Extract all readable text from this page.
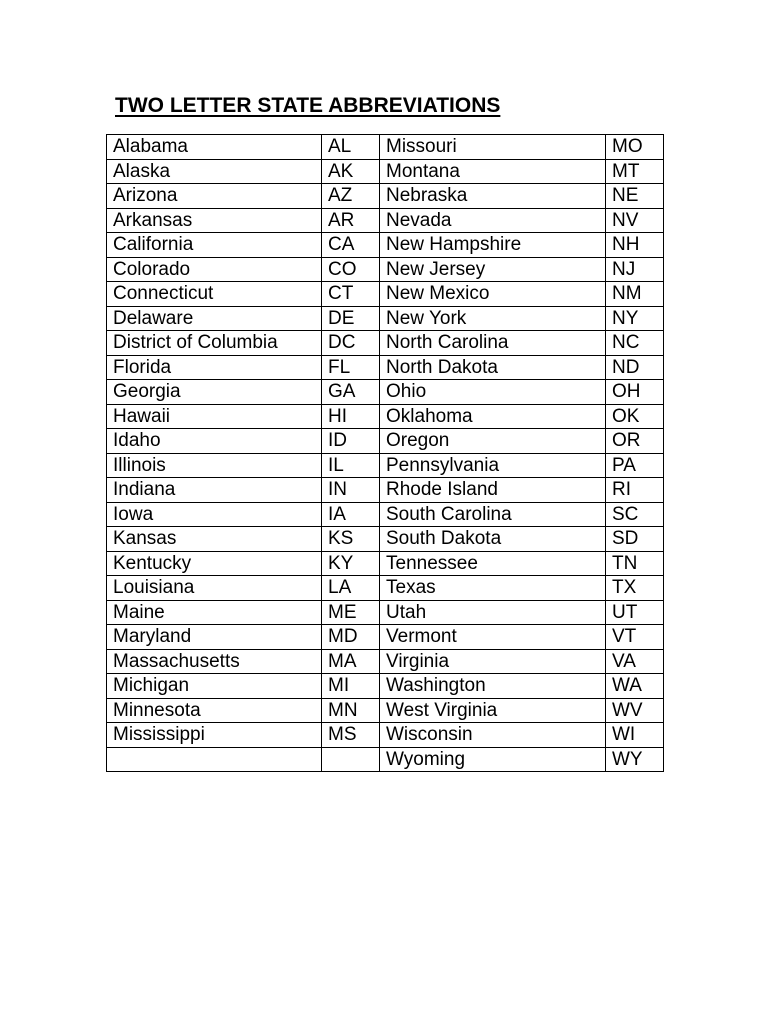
TWO LETTER STATE ABBREVIATIONS
Alabama	AL	Missouri	MO
Alaska	AK	Montana	MT
Arizona	AZ	Nebraska	NE
Arkansas	AR	Nevada	NV
California	CA	New Hampshire	NH
Colorado	CO	New Jersey	NJ
Connecticut	CT	New Mexico	NM
Delaware	DE	New York	NY
District of Columbia	DC	North Carolina	NC
Florida	FL	North Dakota	ND
Georgia	GA	Ohio	OH
Hawaii	HI	Oklahoma	OK
Idaho	ID	Oregon	OR
Illinois	IL	Pennsylvania	PA
Indiana	IN	Rhode Island	RI
Iowa	IA	South Carolina	SC
Kansas	KS	South Dakota	SD
Kentucky	KY	Tennessee	TN
Louisiana	LA	Texas	TX
Maine	ME	Utah	UT
Maryland	MD	Vermont	VT
Massachusetts	MA	Virginia	VA
Michigan	MI	Washington	WA
Minnesota	MN	West Virginia	WV
Mississippi	MS	Wisconsin	WI
		Wyoming	WY
